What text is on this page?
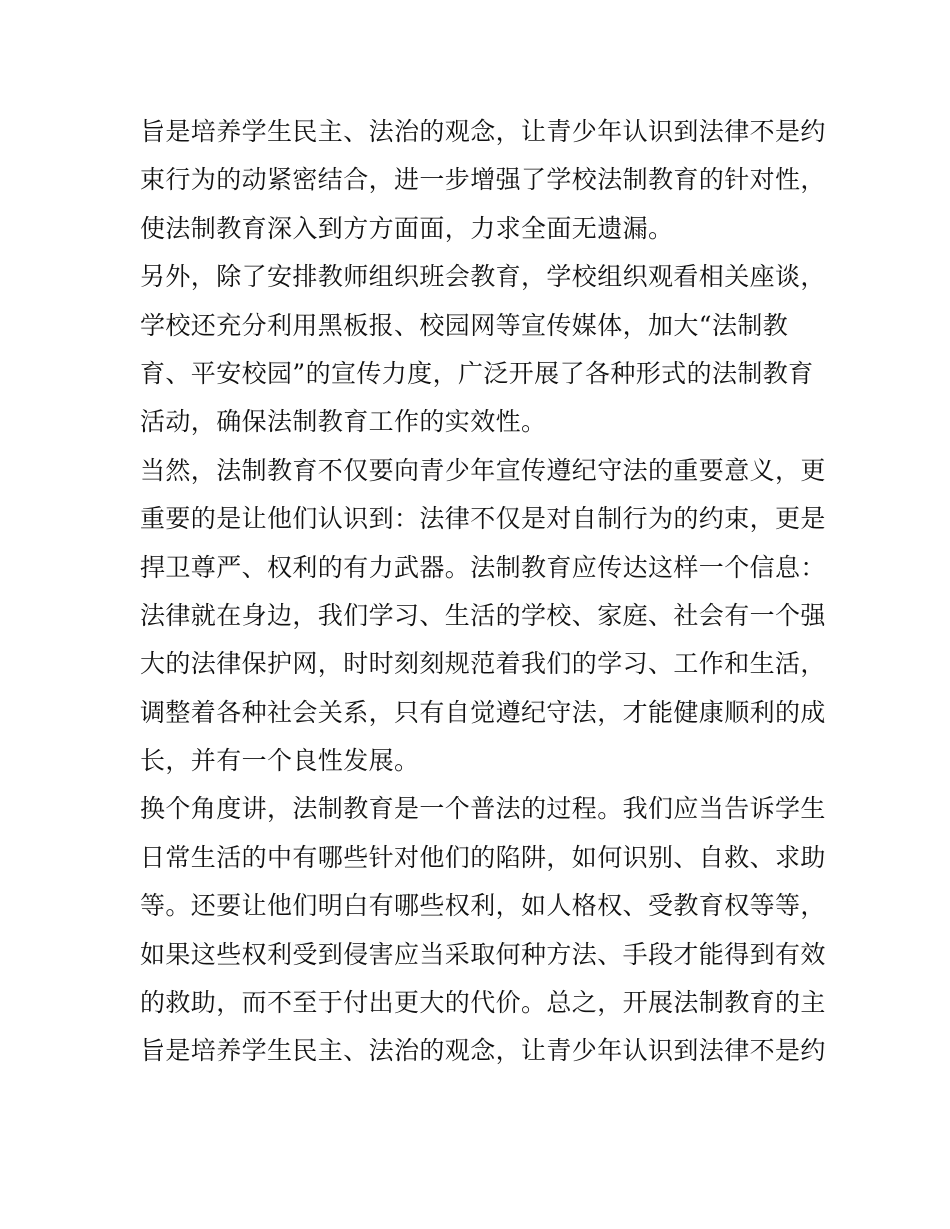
旨是培养学生民主、法治的观念，让青少年认识到法律不是约
束行为的动紧密结合，进一步增强了学校法制教育的针对性，
使法制教育深入到方方面面，力求全面无遗漏。
另外，除了安排教师组织班会教育，学校组织观看相关座谈，
学校还充分利用黑板报、校园网等宣传媒体，加大“法制教
育、平安校园”的宣传力度，广泛开展了各种形式的法制教育
活动，确保法制教育工作的实效性。
当然，法制教育不仅要向青少年宣传遵纪守法的重要意义，更
重要的是让他们认识到：法律不仅是对自制行为的约束，更是
捍卫尊严、权利的有力武器。法制教育应传达这样一个信息：
法律就在身边，我们学习、生活的学校、家庭、社会有一个强
大的法律保护网，时时刻刻规范着我们的学习、工作和生活，
调整着各种社会关系，只有自觉遵纪守法，才能健康顺利的成
长，并有一个良性发展。
换个角度讲，法制教育是一个普法的过程。我们应当告诉学生
日常生活的中有哪些针对他们的陷阱，如何识别、自救、求助
等。还要让他们明白有哪些权利，如人格权、受教育权等等，
如果这些权利受到侵害应当采取何种方法、手段才能得到有效
的救助，而不至于付出更大的代价。总之，开展法制教育的主
旨是培养学生民主、法治的观念，让青少年认识到法律不是约
